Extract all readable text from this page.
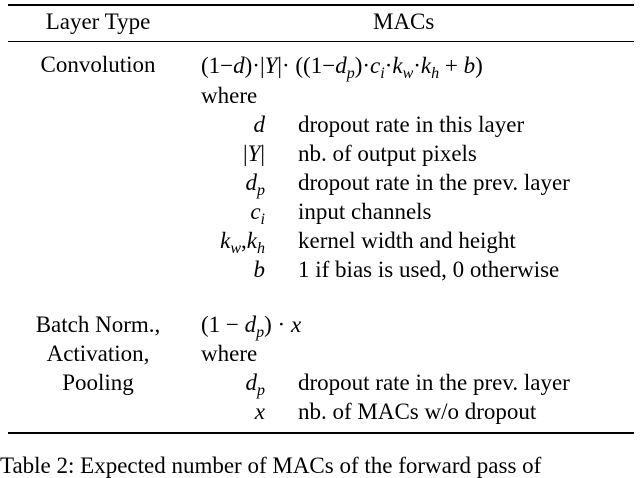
Layer Type	MACs
Convolution	$(1-d)\cdot|Y|\cdot ((1-d_p)\cdot c_i\cdot k_w\cdot k_h + b)$
where
d dropout rate in this layer
|Y| nb. of output pixels
$d_p$ dropout rate in the prev. layer
$c_i$ input channels
$k_w,k_h$ kernel width and height
b 1 if bias is used, 0 otherwise
Batch Norm.,
Activation,
Pooling
$(1 - d_p) \cdot x$
where
$d_p$ dropout rate in the prev. layer
x nb. of MACs w/o dropout
Table 2: Expected number of MACs of the forward pass of
